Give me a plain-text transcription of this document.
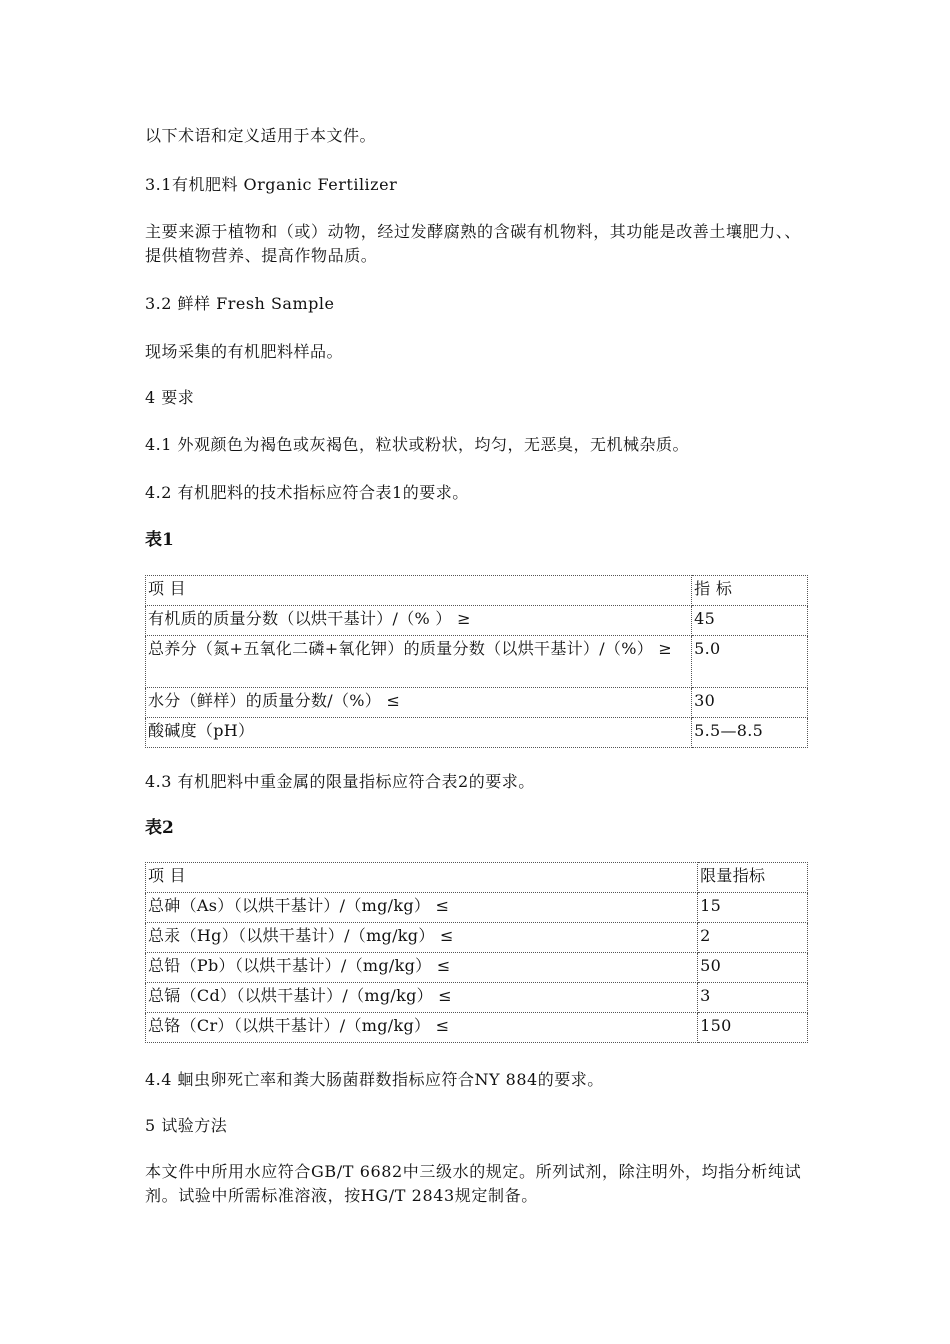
以下术语和定义适用于本文件。
3.1有机肥料 Organic Fertilizer
主要来源于植物和（或）动物，经过发酵腐熟的含碳有机物料，其功能是改善土壤肥力、、提供植物营养、提高作物品质。
3.2 鲜样 Fresh Sample
现场采集的有机肥料样品。
4 要求
4.1 外观颜色为褐色或灰褐色，粒状或粉状，均匀，无恶臭，无机械杂质。
4.2 有机肥料的技术指标应符合表1的要求。
表1
项 目	指 标
有机质的质量分数（以烘干基计）/（% ） ≥	45
总养分（氮+五氧化二磷+氧化钾）的质量分数（以烘干基计）/（%） ≥	5.0
水分（鲜样）的质量分数/（%） ≤	30
酸碱度（pH）	5.5—8.5
4.3 有机肥料中重金属的限量指标应符合表2的要求。
表2
项 目	限量指标
总砷（As）（以烘干基计）/（mg/kg） ≤	15
总汞（Hg）（以烘干基计）/（mg/kg） ≤	2
总铅（Pb）（以烘干基计）/（mg/kg） ≤	50
总镉（Cd）（以烘干基计）/（mg/kg） ≤	3
总铬（Cr）（以烘干基计）/（mg/kg） ≤	150
4.4 蛔虫卵死亡率和粪大肠菌群数指标应符合NY 884的要求。
5 试验方法
本文件中所用水应符合GB/T 6682中三级水的规定。所列试剂，除注明外，均指分析纯试剂。试验中所需标准溶液，按HG/T 2843规定制备。
